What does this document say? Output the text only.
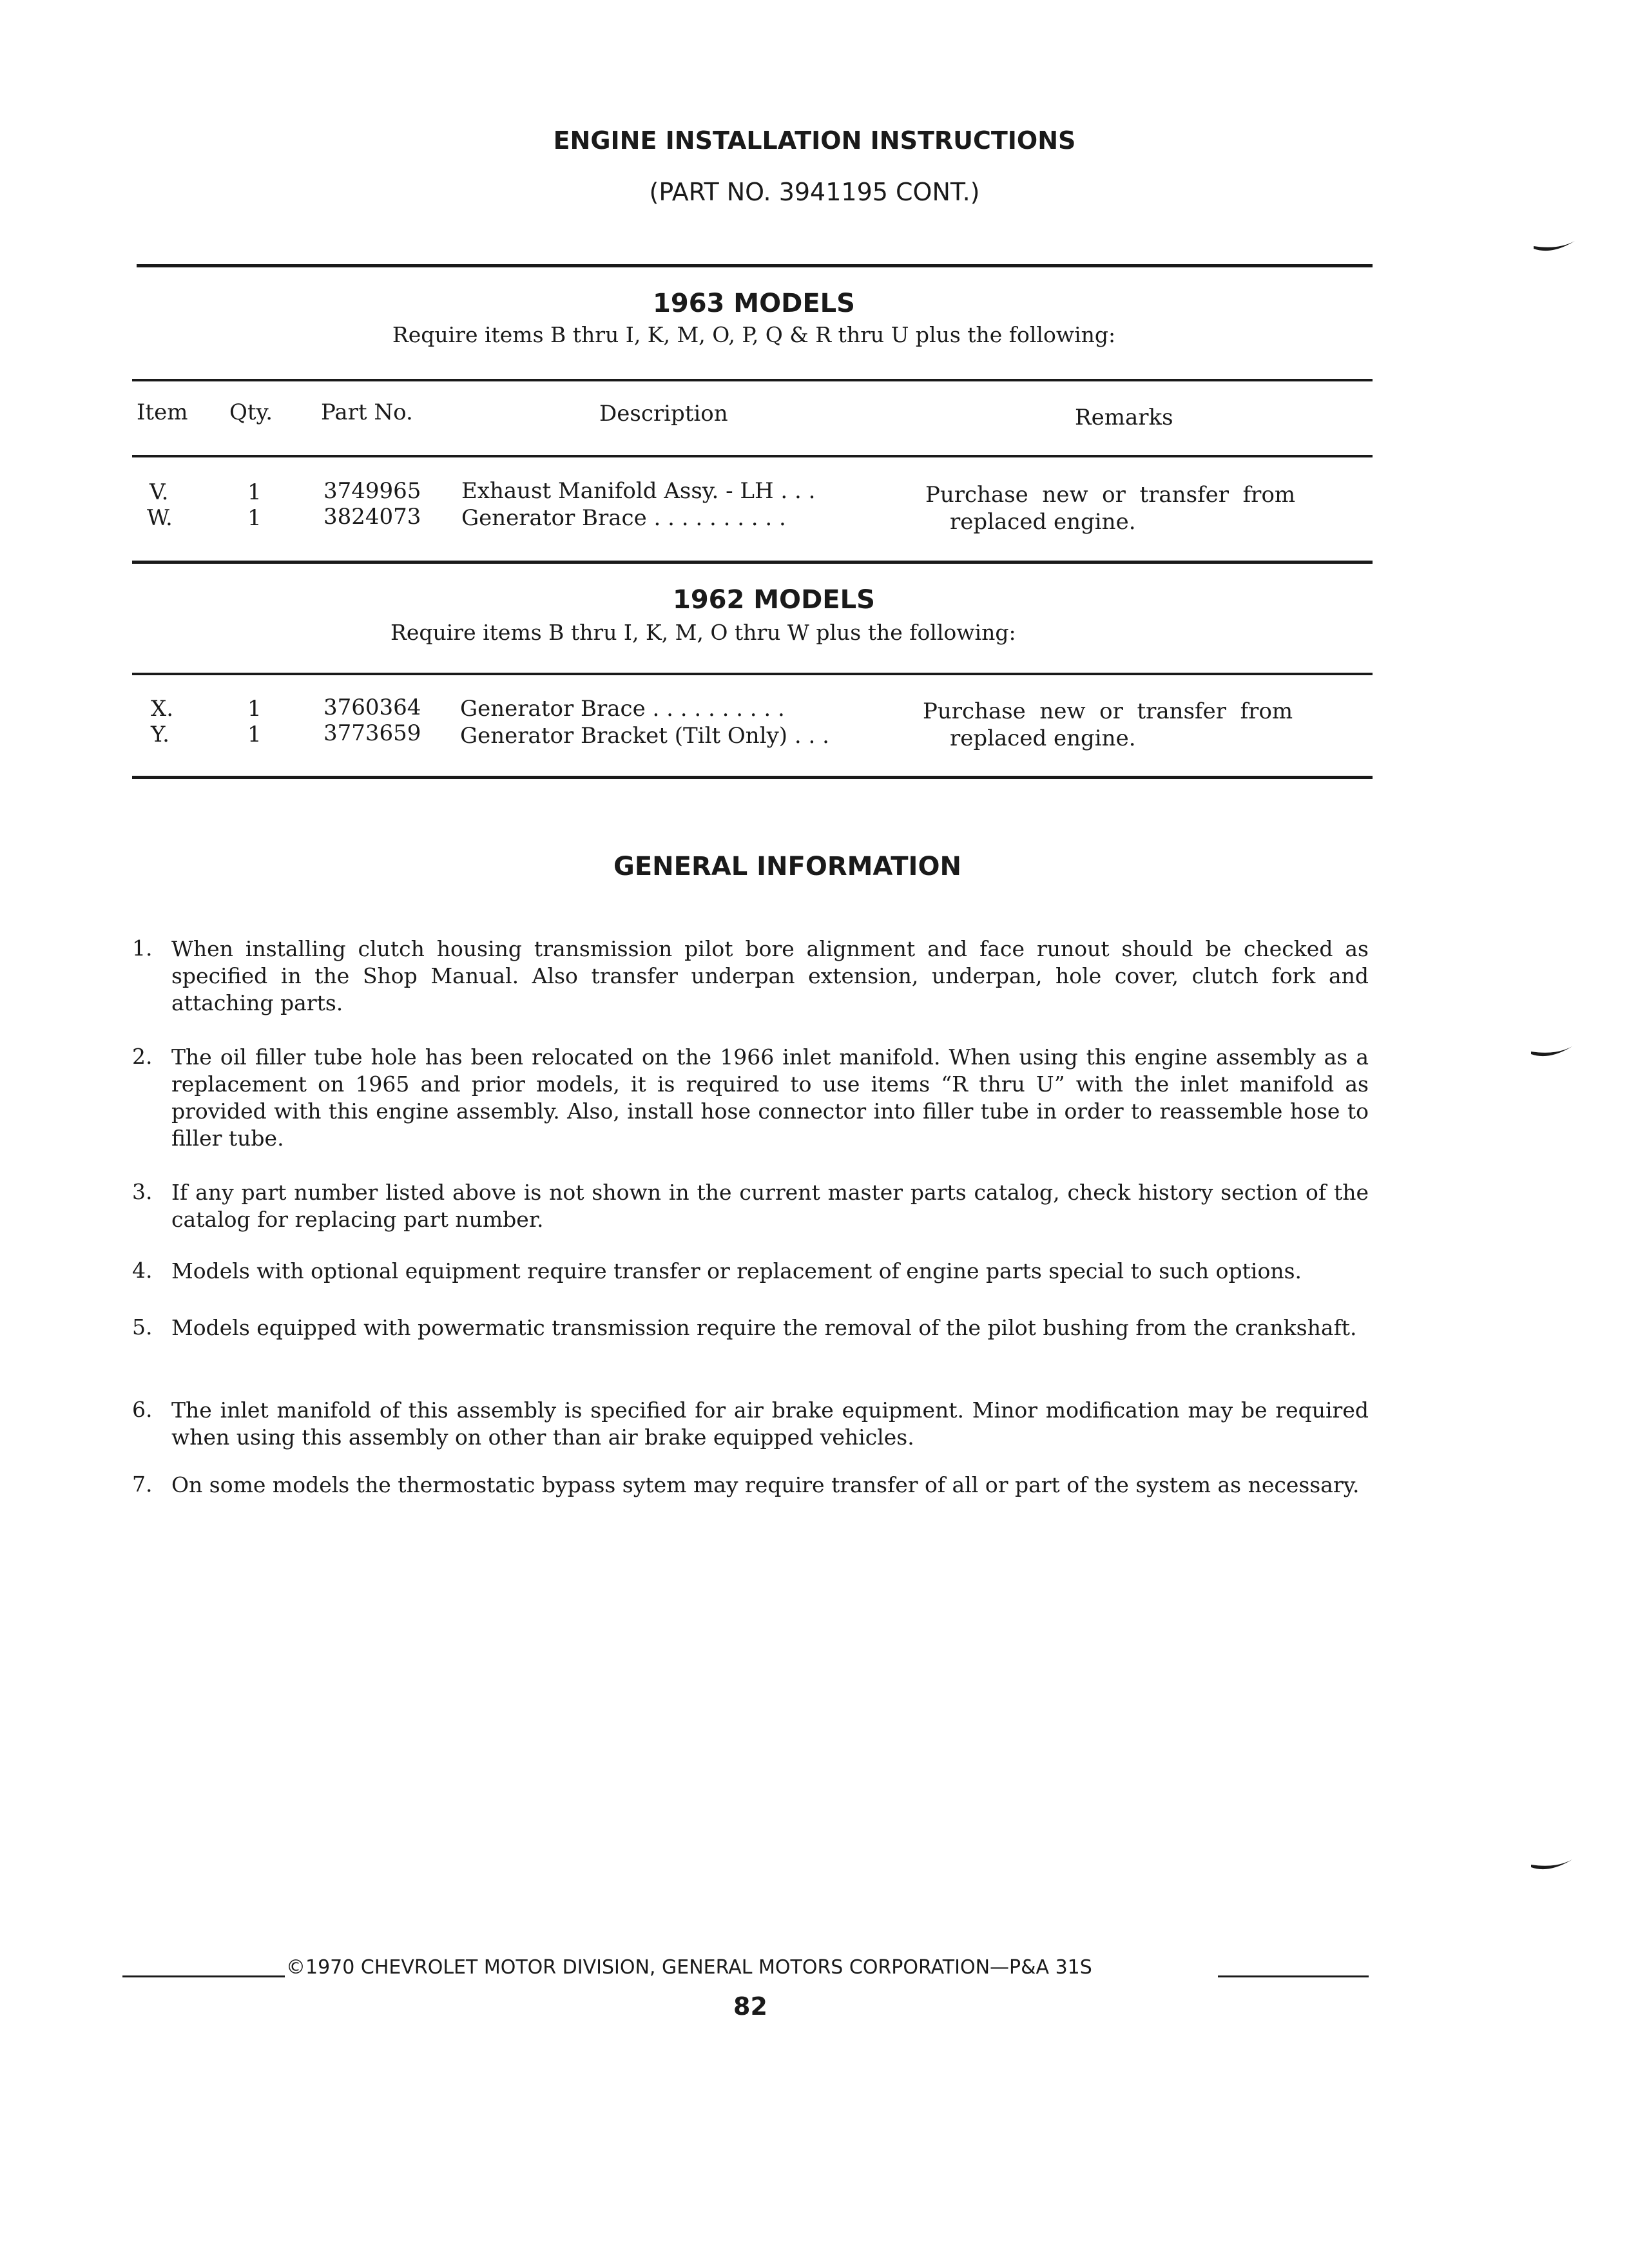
ENGINE INSTALLATION INSTRUCTIONS
(PART NO. 3941195 CONT.)
1963 MODELS
Require items B thru I, K, M, O, P, Q & R thru U plus the following:
Item Qty. Part No.	Description	Remarks
V.	1	3749965 Exhaust Manifold Assy. - LH . . .	Purchase  new  or  transfer  from
W.	1	3824073 Generator Brace . . . . . . . . . .	replaced engine.
1962 MODELS
Require items B thru I, K, M, O thru W plus the following:
X.	1	3760364 Generator Brace . . . . . . . . . .	Purchase  new  or  transfer  from
Y.	1	3773659 Generator Bracket (Tilt Only) . . .	replaced engine.
GENERAL INFORMATION
1. When installing clutch housing transmission pilot bore alignment and face runout should be checked as specified in the Shop Manual. Also transfer underpan extension, underpan, hole cover, clutch fork and attaching parts.
2. The oil filler tube hole has been relocated on the 1966 inlet manifold. When using this engine assembly as a replacement on 1965 and prior models, it is required to use items “R thru U” with the inlet manifold as provided with this engine assembly. Also, install hose connector into filler tube in order to reassemble hose to filler tube.
3. If any part number listed above is not shown in the current master parts catalog, check history section of the catalog for replacing part number.
4. Models with optional equipment require transfer or replacement of engine parts special to such options.
5. Models equipped with powermatic transmission require the removal of the pilot bushing from the crankshaft.
6. The inlet manifold of this assembly is specified for air brake equipment. Minor modification may be required when using this assembly on other than air brake equipped vehicles.
7. On some models the thermostatic bypass sytem may require transfer of all or part of the system as necessary.
©1970 CHEVROLET MOTOR DIVISION, GENERAL MOTORS CORPORATION—P&A 31S
82
